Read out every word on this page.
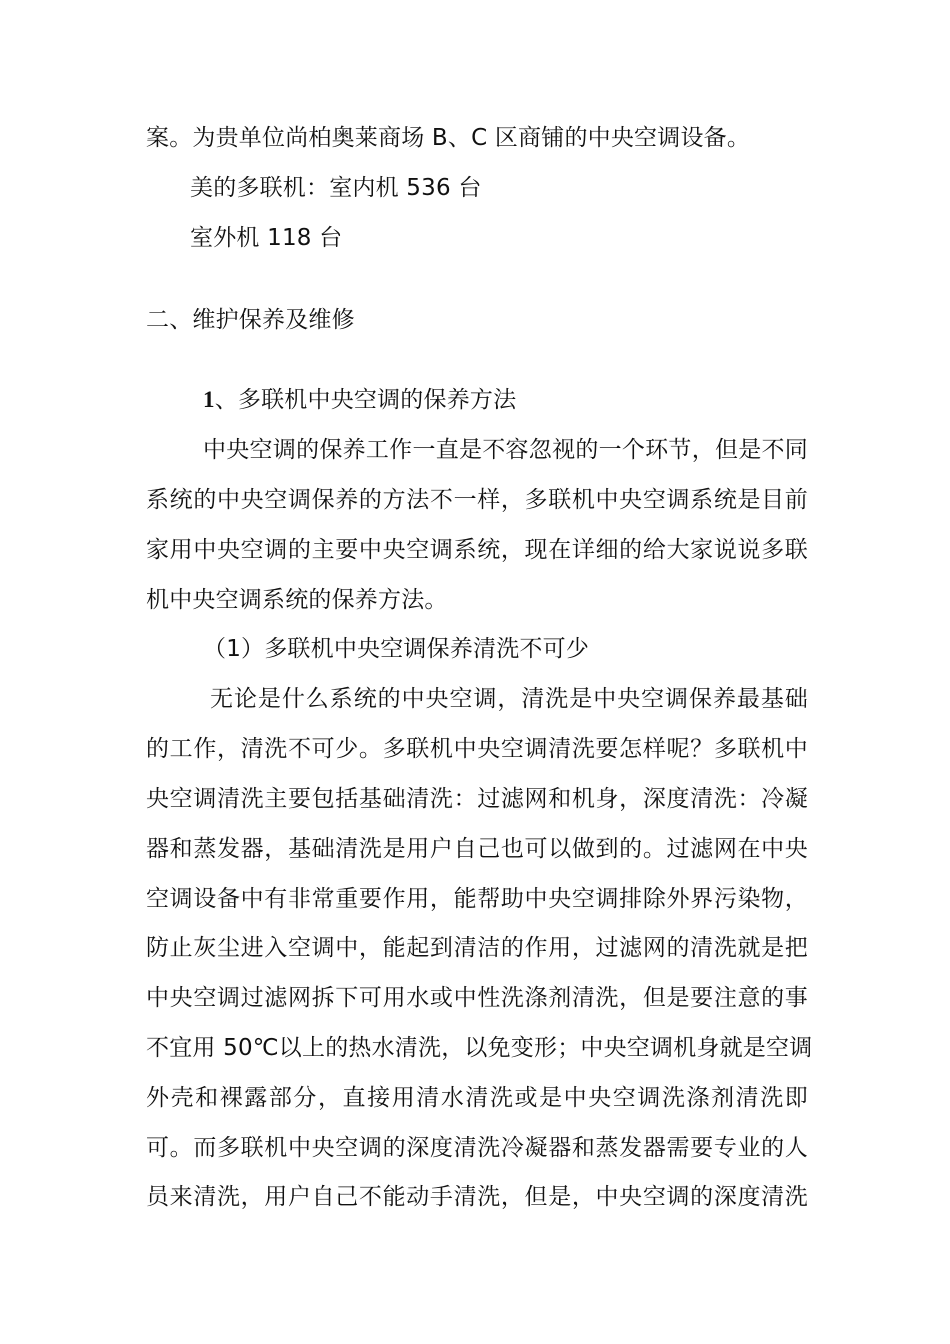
案。为贵单位尚柏奥莱商场 B、C 区商铺的中央空调设备。
美的多联机：室内机 536 台
室外机 118 台
二、维护保养及维修
1、多联机中央空调的保养方法
中央空调的保养工作一直是不容忽视的一个环节，但是不同
系统的中央空调保养的方法不一样，多联机中央空调系统是目前
家用中央空调的主要中央空调系统，现在详细的给大家说说多联
机中央空调系统的保养方法。
（1）多联机中央空调保养清洗不可少
无论是什么系统的中央空调，清洗是中央空调保养最基础
的工作，清洗不可少。多联机中央空调清洗要怎样呢？多联机中
央空调清洗主要包括基础清洗：过滤网和机身，深度清洗：冷凝
器和蒸发器，基础清洗是用户自己也可以做到的。过滤网在中央
空调设备中有非常重要作用，能帮助中央空调排除外界污染物，
防止灰尘进入空调中，能起到清洁的作用，过滤网的清洗就是把
中央空调过滤网拆下可用水或中性洗涤剂清洗，但是要注意的事
不宜用 50℃以上的热水清洗，以免变形；中央空调机身就是空调
外壳和裸露部分，直接用清水清洗或是中央空调洗涤剂清洗即
可。而多联机中央空调的深度清洗冷凝器和蒸发器需要专业的人
员来清洗，用户自己不能动手清洗，但是，中央空调的深度清洗
